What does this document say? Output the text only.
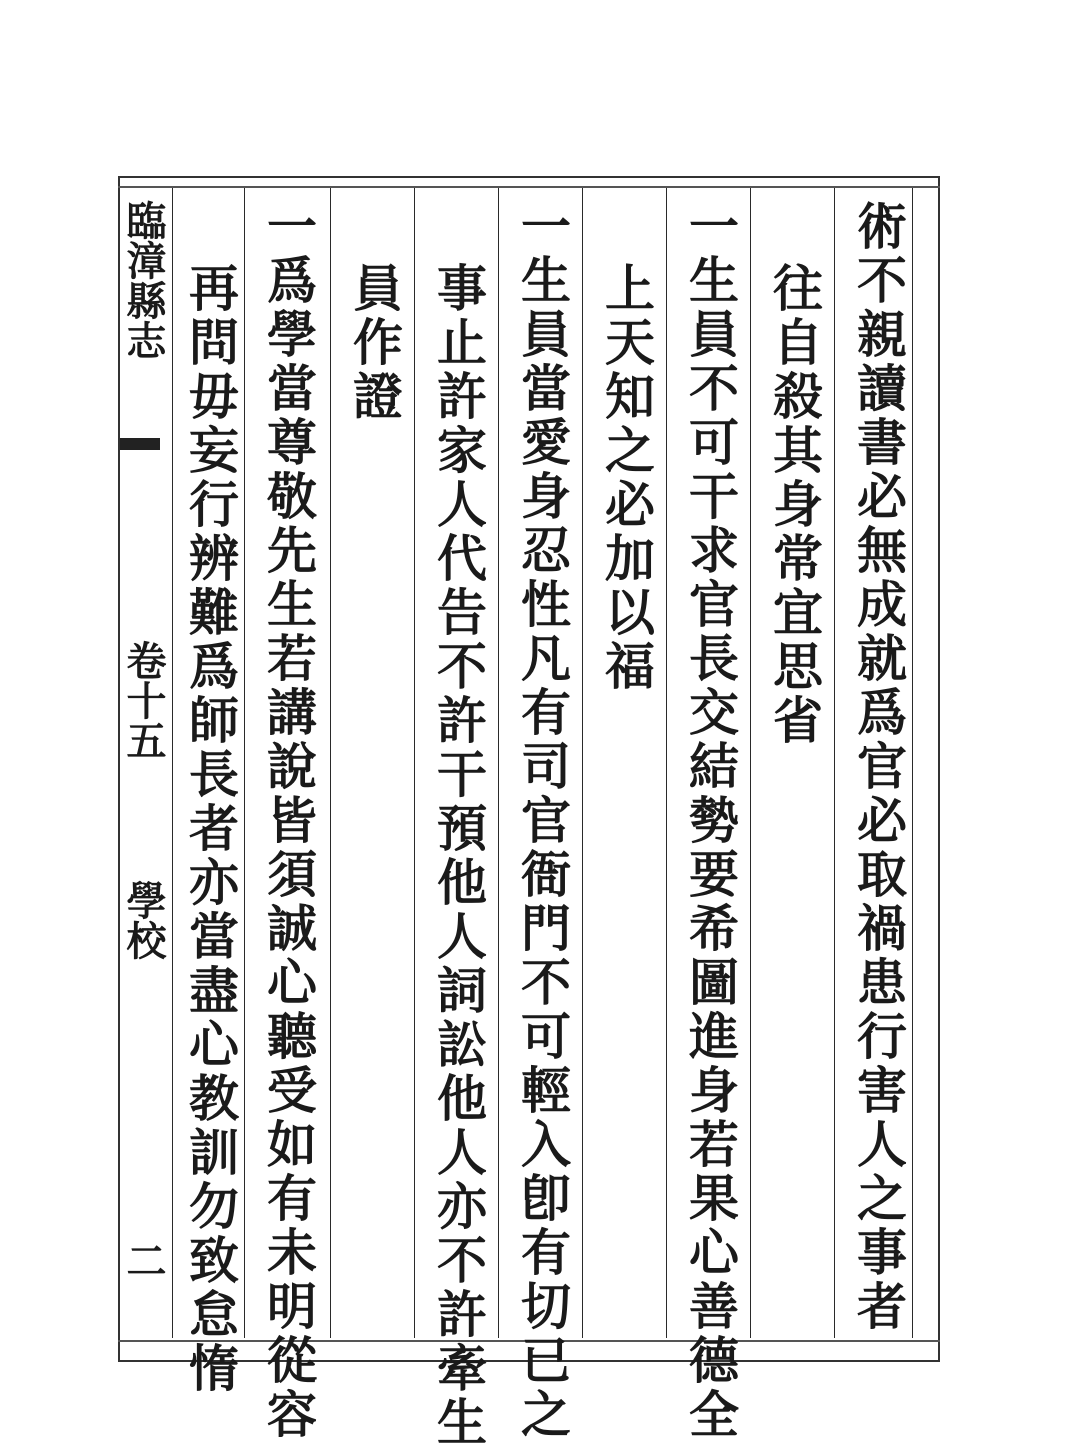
臨漳縣志
卷十五
學校
二	術不親讀書必無成就爲官必取禍患行害人之事者
往自殺其身常宜思省
一生員不可干求官長交結勢要希圖進身若果心善德全
上天知之必加以福
一生員當愛身忍性凡有司官衙門不可輕入卽有切已之
事止許家人代告不許干預他人詞訟他人亦不許牽生
員作證
一爲學當尊敬先生若講說皆須誠心聽受如有未明從容
再問毋妄行辨難爲師長者亦當盡心教訓勿致怠惰
